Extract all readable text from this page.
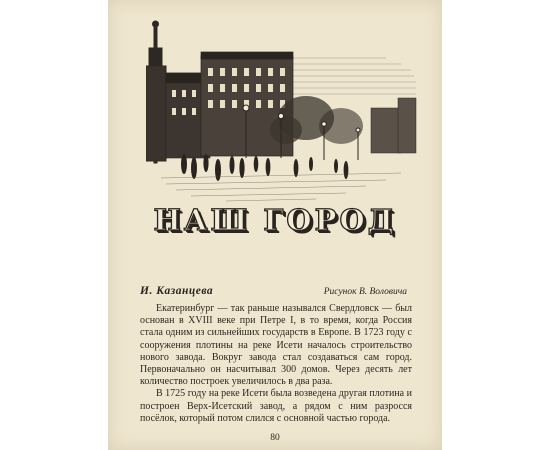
НАШ ГОРОД
И. Казанцева	Рисунок В. Воловича

Екатеринбург — так раньше назывался Свердловск — был основан в XVIII веке при Петре I, в то время, когда Россия стала одним из сильнейших государств в Европе. В 1723 году с сооружения плотины на реке Исети началось строительство нового завода. Вокруг завода стал создаваться сам город. Первоначально он насчитывал 300 домов. Через десять лет количество построек увеличилось в два раза.

В 1725 году на реке Исети была возведена другая плотина и построен Верх-Исетский завод, а рядом с ним разросся посёлок, который потом слился с основной частью города.

80
